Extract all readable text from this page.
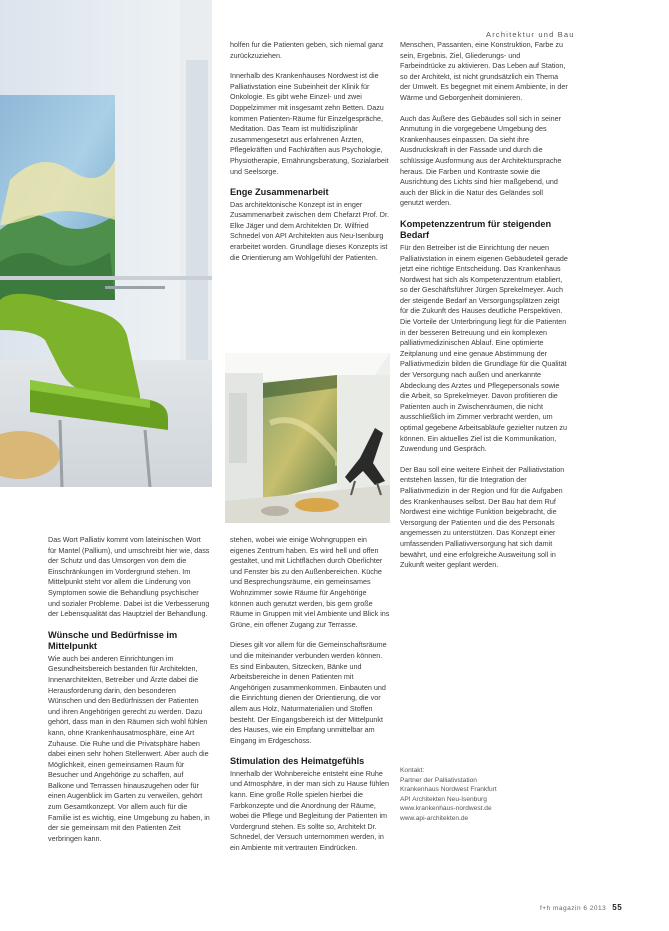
Architektur und Bau

holfen fur die Patienten geben, sich niemal ganz zurückzuziehen.

Innerhalb des Krankenhauses Nordwest ist die Palliativstation eine Subeinheit der Klinik für Onkologie. Es gibt wehe Einzel- und zwei Doppelzimmer mit insgesamt zehn Betten. Dazu kommen Patienten-Räume für Einzelgespräche, Meditation. Das Team ist multidisziplinär zusammengesetzt aus erfahrenen Ärzten, Pflegekräften und Fachkräften aus Psychologie, Physiotherapie, Ernährungsberatung, Sozialarbeit und Seelsorge.

Enge Zusammenarbeit

Das architektonische Konzept ist in enger Zusammenarbeit zwischen dem Chefarzt Prof. Dr. Elke Jäger und dem Architekten Dr. Wilfried Schnedel von API Architekten aus Neu-Isenburg erarbeitet worden. Grundlage dieses Konzepts ist die Orientierung am Wohlgefühl der Patienten.

Menschen, Passanten, eine Konstruktion, Farbe zu sein, Ergebnis. Ziel, Gliederungs- und Farbeindrücke zu aktivieren. Das Leben auf Station, so der Architekt, ist nicht grundsätzlich ein Thema der Umwelt. Es begegnet mit einem Ambiente, in der Wärme und Geborgenheit dominieren.

Auch das Äußere des Gebäudes soll sich in seiner Anmutung in die vorgegebene Umgebung des Krankenhauses einpassen. Da sieht ihre Ausdruckskraft in der Fassade und durch die schlüssige Ausformung aus der Architektursprache heraus. Die Farben und Kontraste sowie die Ausrichtung des Lichts sind hier maßgebend, und auch der Blick in die Natur des Geländes soll genutzt werden.

Kompetenzzentrum für steigenden Bedarf

Für den Betreiber ist die Einrichtung der neuen Palliativstation in einem eigenen Gebäudeteil gerade jetzt eine richtige Entscheidung. Das Krankenhaus Nordwest hat sich als Kompetenzzentrum etabliert, so der Geschäftsführer Jürgen Sprekelmeyer. Auch der steigende Bedarf an Versorgungsplätzen zeigt für die Zukunft des Hauses deutliche Perspektiven. Die Vorteile der Unterbringung liegt für die Patienten in der besseren Betreuung und ein komplexen palliativmedizinischen Ablauf. Eine optimierte Zeitplanung und eine genaue Abstimmung der Palliativmedizin bilden die Grundlage für die Qualität der Versorgung nach außen und anerkannte Abdeckung des Arztes und Pflegepersonals sowie die Arbeit, so Sprekelmeyer. Davon profitieren die Patienten auch in Zwischenräumen, die nicht ausschließlich im Zimmer verbracht werden, um optimal gegebene Arbeitsabläufe gezielter nutzen zu können. Ein aktuelles Ziel ist die Kommunikation, Zuwendung und Gespräch.

Der Bau soll eine weitere Einheit der Palliativstation entstehen lassen, für die Integration der Palliativmedizin in der Region und für die Aufgaben des Krankenhauses selbst. Der Bau hat dem Ruf Nordwest eine wichtige Funktion beigebracht, die Versorgung der Patienten und die des Personals angemessen zu unterstützen. Das Konzept einer umfassenden Palliativversorgung hat sich damit bewährt, und eine erfolgreiche Ausweitung soll in Zukunft weiter geplant werden.

Das Wort Palliativ kommt vom lateinischen Wort für Mantel (Pallium), und umschreibt hier wie, dass der Schutz und das Umsorgen von dem die Einschränkungen im Vordergrund stehen. Im Mittelpunkt steht vor allem die Linderung von Symptomen sowie die Behandlung psychischer und sozialer Probleme. Dabei ist die Verbesserung der Lebensqualität das Hauptziel der Behandlung.

Wünsche und Bedürfnisse im Mittelpunkt

Wie auch bei anderen Einrichtungen im Gesundheitsbereich bestanden für Architekten, Innenarchitekten, Betreiber und Ärzte dabei die Herausforderung darin, den besonderen Wünschen und den Bedürfnissen der Patienten und ihren Angehörigen gerecht zu werden. Dazu gehört, dass man in den Räumen sich wohl fühlen kann, ohne Krankenhausatmosphäre, eine Art Zuhause. Die Ruhe und die Privatsphäre haben dabei einen sehr hohen Stellenwert. Aber auch die Möglichkeit, einen gemeinsamen Raum für Besucher und Angehörige zu schaffen, auf Balkone und Terrassen hinauszugehen oder für einen Augenblick im Garten zu verweilen, gehört zum Gesamtkonzept. Vor allem auch für die Familie ist es wichtig, eine Umgebung zu haben, in der sie gemeinsam mit den Patienten Zeit verbringen kann.

stehen, wobei wie einige Wohngruppen ein eigenes Zentrum haben. Es wird hell und offen gestaltet, und mit Lichtflächen durch Oberlichter und Fenster bis zu den Außenbereichen. Küche und Besprechungsräume, ein gemeinsames Wohnzimmer sowie Räume für Angehörige können auch genutzt werden, bis gern große Räume in Gruppen mit viel Ambiente und Blick ins Grüne, ein offener Zugang zur Terrasse.

Dieses gilt vor allem für die Gemeinschaftsräume und die miteinander verbunden werden können. Es sind Einbauten, Sitzecken, Bänke und Arbeitsbereiche in denen Patienten mit Angehörigen zusammenkommen. Einbauten und die Einrichtung dienen der Orientierung, die vor allem aus Holz, Naturmaterialien und Stoffen besteht. Der Eingangsbereich ist der Mittelpunkt des Hauses, wie ein Empfang unmittelbar am Eingang im Erdgeschoss.

Stimulation des Heimatgefühls

Innerhalb der Wohnbereiche entsteht eine Ruhe und Atmosphäre, in der man sich zu Hause fühlen kann. Eine große Rolle spielen hierbei die Farbkonzepte und die Anordnung der Räume, wobei die Pflege und Begleitung der Patienten im Vordergrund stehen. Es sollte so, Architekt Dr. Schnedel, der Versuch unternommen werden, in ein Ambiente mit vertrauten Eindrücken.

Kontakt:
Partner der Palliativstation
Krankenhaus Nordwest Frankfurt
API Architekten Neu-Isenburg
www.krankenhaus-nordwest.de
www.api-architekten.de
f+h magazin 6 2013 55
